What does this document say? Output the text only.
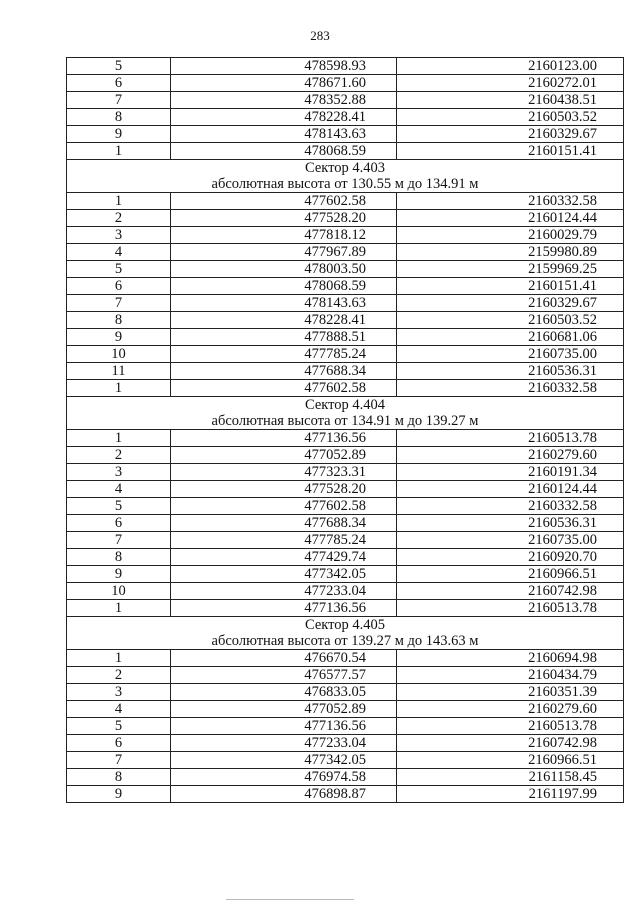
283
5	478598.93	2160123.00
6	478671.60	2160272.01
7	478352.88	2160438.51
8	478228.41	2160503.52
9	478143.63	2160329.67
1	478068.59	2160151.41

Сектор 4.403
абсолютная высота от 130.55 м до 134.91 м		

1	477602.58	2160332.58
2	477528.20	2160124.44
3	477818.12	2160029.79
4	477967.89	2159980.89
5	478003.50	2159969.25
6	478068.59	2160151.41
7	478143.63	2160329.67
8	478228.41	2160503.52
9	477888.51	2160681.06
10	477785.24	2160735.00
11	477688.34	2160536.31
1	477602.58	2160332.58

Сектор 4.404
абсолютная высота от 134.91 м до 139.27 м		

1	477136.56	2160513.78
2	477052.89	2160279.60
3	477323.31	2160191.34
4	477528.20	2160124.44
5	477602.58	2160332.58
6	477688.34	2160536.31
7	477785.24	2160735.00
8	477429.74	2160920.70
9	477342.05	2160966.51
10	477233.04	2160742.98
1	477136.56	2160513.78

Сектор 4.405
абсолютная высота от 139.27 м до 143.63 м		

1	476670.54	2160694.98
2	476577.57	2160434.79
3	476833.05	2160351.39
4	477052.89	2160279.60
5	477136.56	2160513.78
6	477233.04	2160742.98
7	477342.05	2160966.51
8	476974.58	2161158.45
9	476898.87	2161197.99
